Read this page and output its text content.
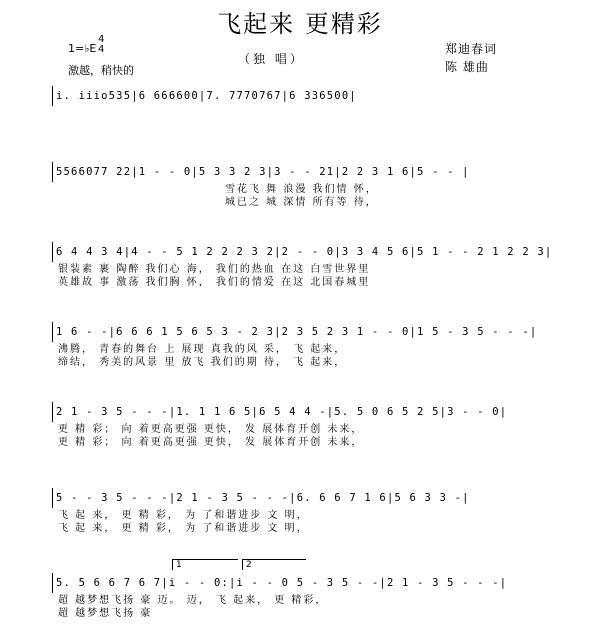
飞起来 更精彩
1=♭E
4
4
（独 唱）
郑迪春词
陈 雄曲
激越，稍快的
i. iiiо535|6 666600|7. 7770767|6 336500|
5566077 22|1 - - 0|5 3 3 2 3|3 - - 21|2 2 3 1 6|5 - - |
雪花飞 舞 浪漫 我们情 怀，
城已之 城 深情 所有等 待，
6 4 4 3 4|4 - - 5 1 2 2 2 3 2|2 - - 0|3 3 4 5 6|5 1 - - 2 1 2 2 3|
银装素 裹 陶醉 我们心 海， 我们的热血 在这 白雪世界里
英雄故 事 激荡 我们胸 怀， 我们的情爱 在这 北国春城里
1 6 - -|6 6 6 1 5 6 5 3 - 2 3|2 3 5 2 3 1 - - 0|1 5 - 3 5 - - -|
沸腾， 青春的舞台 上 展现 真我的风 采， 飞 起来，
缔结， 秀美的风景 里 放飞 我们的期 待， 飞 起来，
2 1 - 3 5 - - -|1. 1 1 6 5|6 5 4 4 -|5. 5 0 6 5 2 5|3 - - 0|
更 精 彩； 向 着更高更强 更快， 发 展体育开创 未来，
更 精 彩； 向 着更高更强 更快， 发 展体育开创 未来，
5 - - 3 5 - - -|2 1 - 3 5 - - -|6. 6 6 7 1 6|5 6 3 3 -|
飞 起 来， 更 精 彩， 为 了和谐进步 文 明，
飞 起 来， 更 精 彩， 为 了和谐进步 文 明，
1	2
5. 5 6 6 7 6 7|i - - 0:|i - - 0 5 - 3 5 - -|2 1 - 3 5 - - -|
超 越梦想飞扬 豪 迈。 迈， 飞 起来， 更 精彩，
超 越梦想飞扬 豪
